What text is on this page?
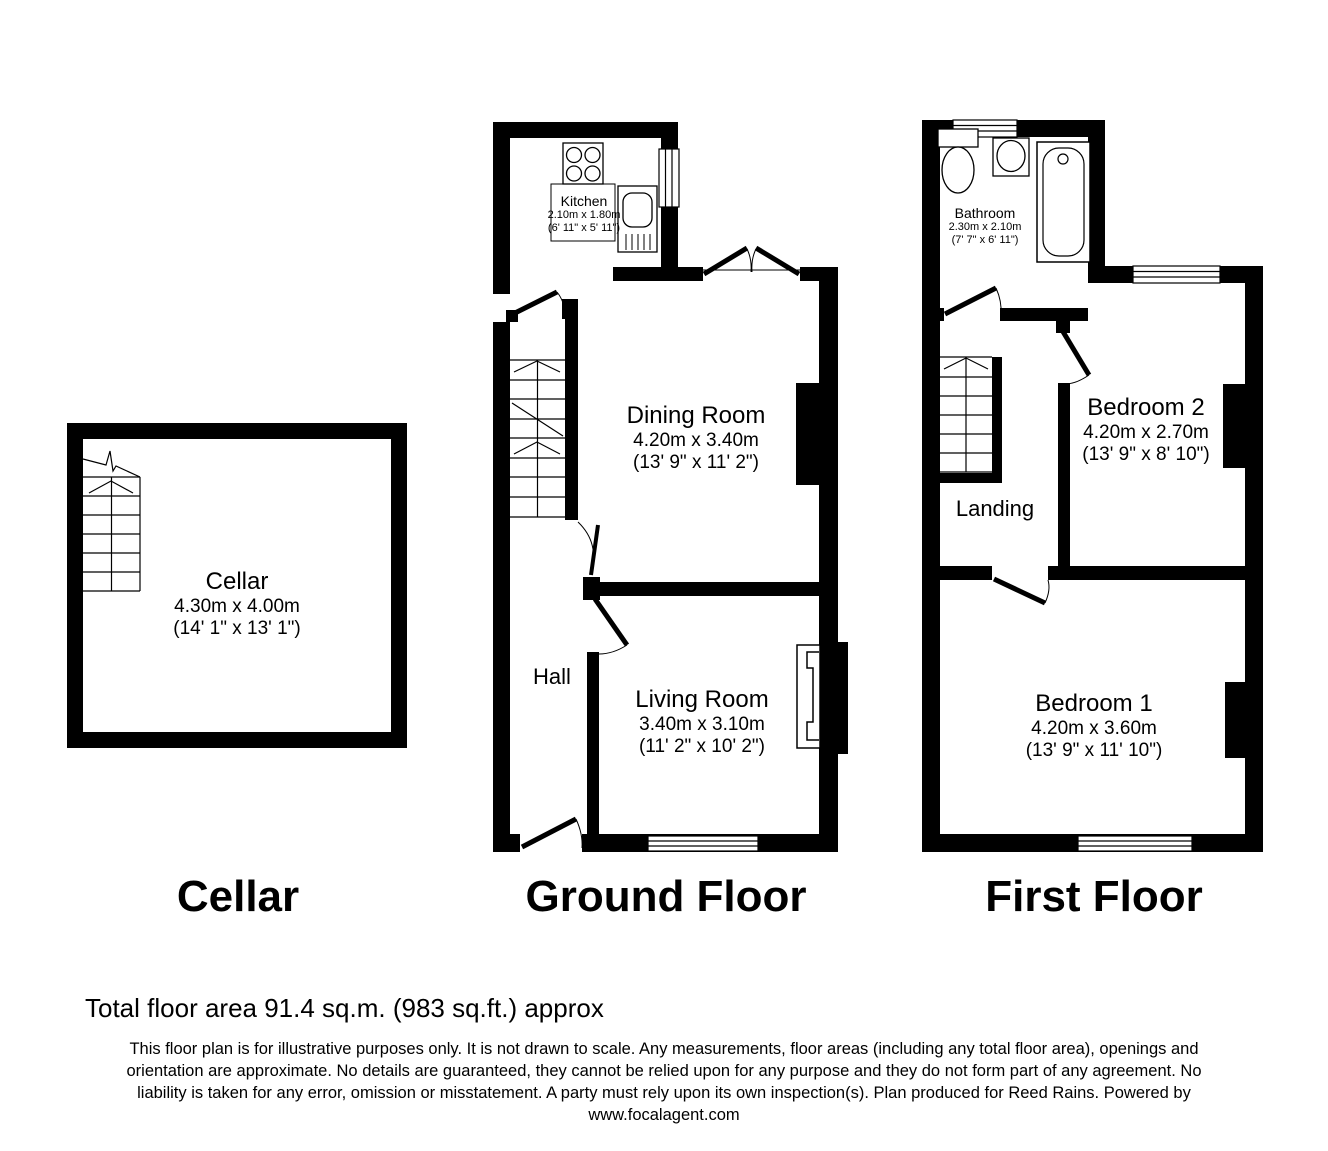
Cellar
4.30m x 4.00m
(14' 1" x 13' 1")
Kitchen
2.10m x 1.80m
(6' 11" x 5' 11")
Dining Room
4.20m x 3.40m
(13' 9" x 11' 2")
Living Room
3.40m x 3.10m
(11' 2" x 10' 2")
Hall
Bathroom
2.30m x 2.10m
(7' 7" x 6' 11")
Bedroom 2
4.20m x 2.70m
(13' 9" x 8' 10")
Landing
Bedroom 1
4.20m x 3.60m
(13' 9" x 11' 10")
Cellar	Ground Floor	First Floor
Total floor area 91.4 sq.m. (983 sq.ft.) approx
This floor plan is for illustrative purposes only. It is not drawn to scale. Any measurements, floor areas (including any total floor area), openings and
orientation are approximate. No details are guaranteed, they cannot be relied upon for any purpose and they do not form part of any agreement. No
liability is taken for any error, omission or misstatement. A party must rely upon its own inspection(s). Plan produced for Reed Rains. Powered by
www.focalagent.com
